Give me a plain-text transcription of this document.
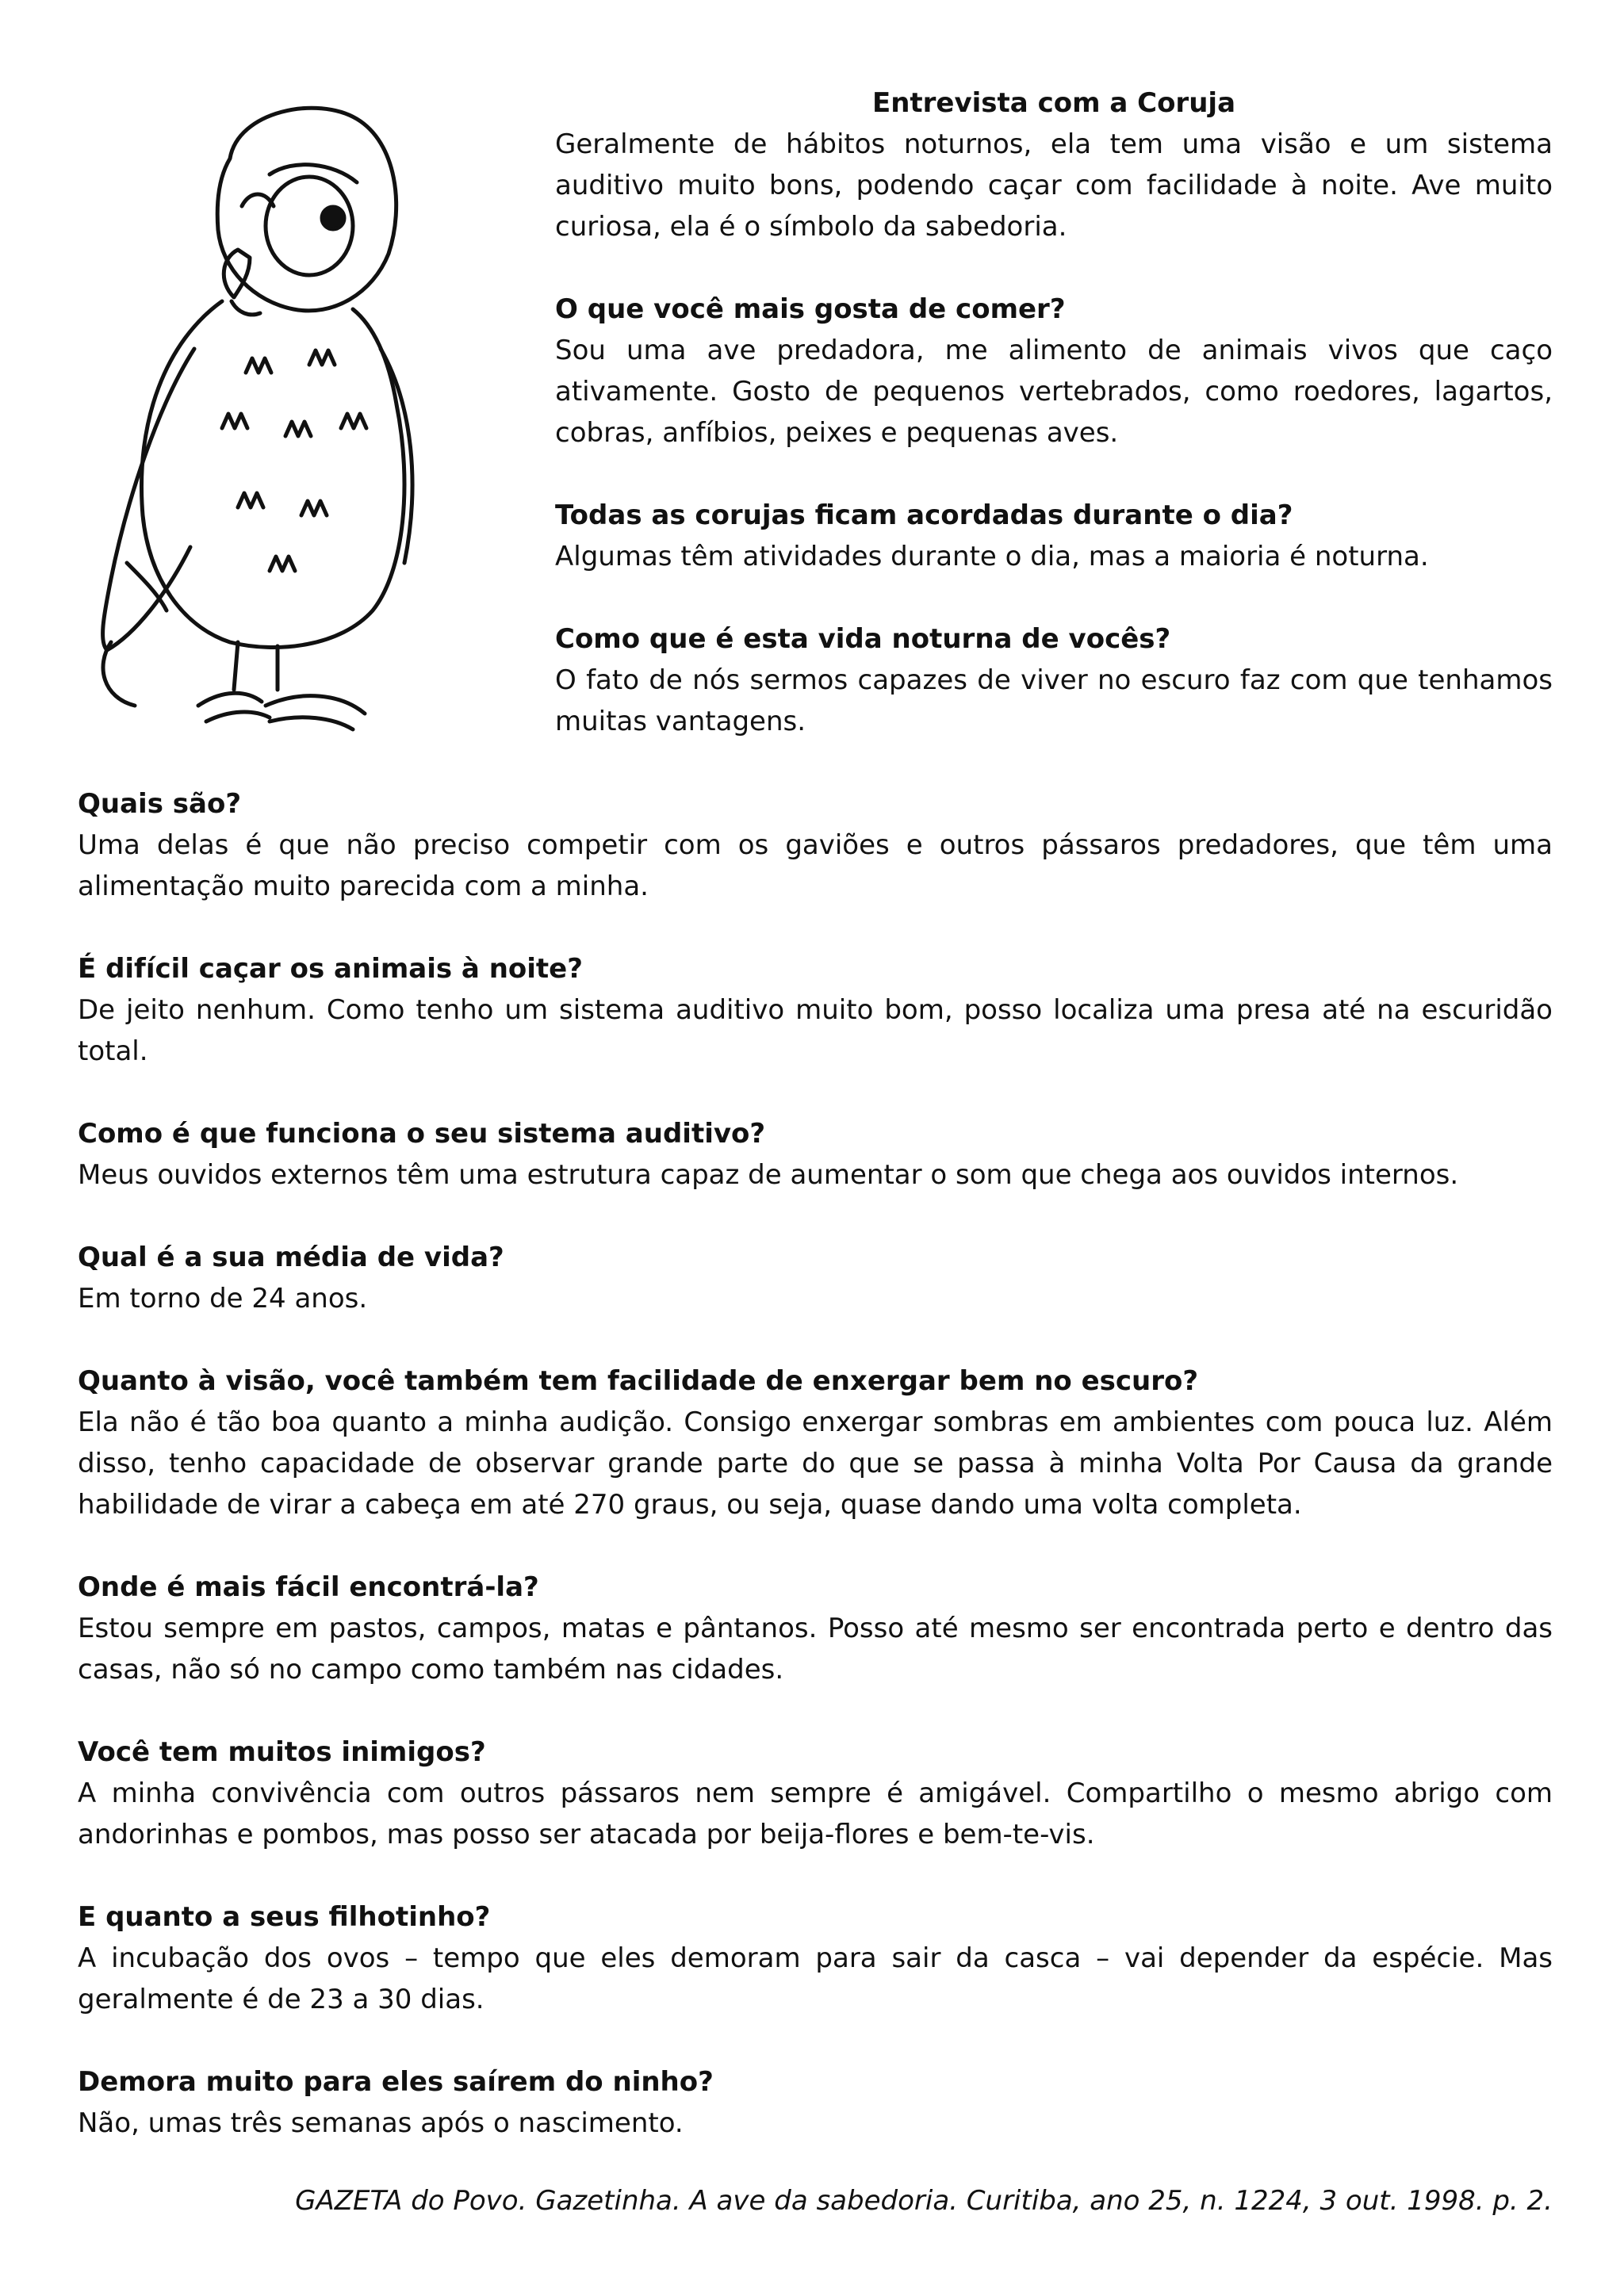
Entrevista com a Coruja

Geralmente de hábitos noturnos, ela tem uma visão e um sistema auditivo muito bons, podendo caçar com facilidade à noite. Ave muito curiosa, ela é o símbolo da sabedoria.

O que você mais gosta de comer?
Sou uma ave predadora, me alimento de animais vivos que caço ativamente. Gosto de pequenos vertebrados, como roedores, lagartos, cobras, anfíbios, peixes e pequenas aves.

Todas as corujas ficam acordadas durante o dia?
Algumas têm atividades durante o dia, mas a maioria é noturna.

Como que é esta vida noturna de vocês?
O fato de nós sermos capazes de viver no escuro faz com que tenhamos muitas vantagens.

Quais são?
Uma delas é que não preciso competir com os gaviões e outros pássaros predadores, que têm uma alimentação muito parecida com a minha.

É difícil caçar os animais à noite?
De jeito nenhum. Como tenho um sistema auditivo muito bom, posso localiza uma presa até na escuridão total.

Como é que funciona o seu sistema auditivo?
Meus ouvidos externos têm uma estrutura capaz de aumentar o som que chega aos ouvidos internos.

Qual é a sua média de vida?
Em torno de 24 anos.

Quanto à visão, você também tem facilidade de enxergar bem no escuro?
Ela não é tão boa quanto a minha audição. Consigo enxergar sombras em ambientes com pouca luz. Além disso, tenho capacidade de observar grande parte do que se passa à minha Volta Por Causa da grande habilidade de virar a cabeça em até 270 graus, ou seja, quase dando uma volta completa.

Onde é mais fácil encontrá-la?
Estou sempre em pastos, campos, matas e pântanos. Posso até mesmo ser encontrada perto e dentro das casas, não só no campo como também nas cidades.

Você tem muitos inimigos?
A minha convivência com outros pássaros nem sempre é amigável. Compartilho o mesmo abrigo com andorinhas e pombos, mas posso ser atacada por beija-flores e bem-te-vis.

E quanto a seus filhotinho?
A incubação dos ovos – tempo que eles demoram para sair da casca – vai depender da espécie. Mas geralmente é de 23 a 30 dias.

Demora muito para eles saírem do ninho?
Não, umas três semanas após o nascimento.

GAZETA do Povo. Gazetinha. A ave da sabedoria. Curitiba, ano 25, n. 1224, 3 out. 1998. p. 2.
